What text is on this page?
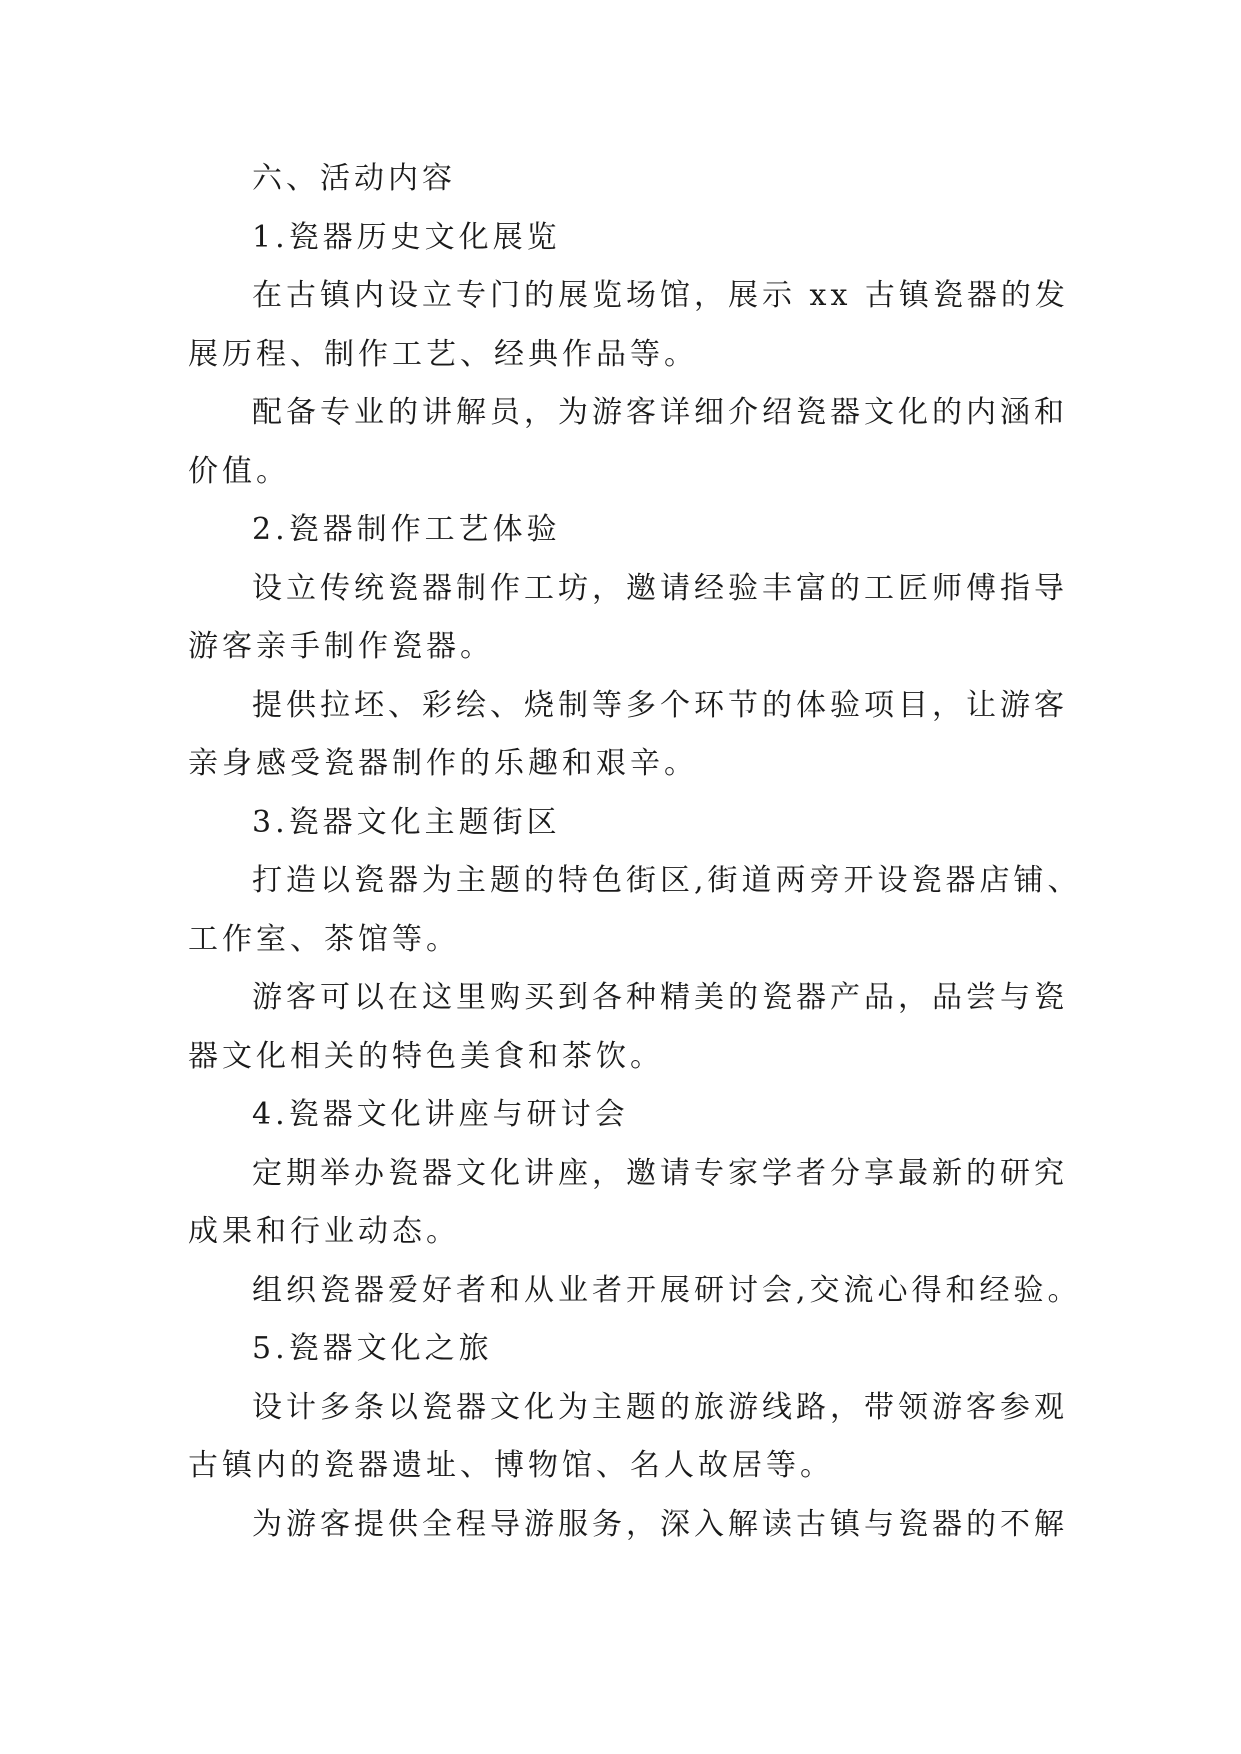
六、活动内容
1.瓷器历史文化展览
在古镇内设立专门的展览场馆，展示 xx 古镇瓷器的发
展历程、制作工艺、经典作品等。
配备专业的讲解员，为游客详细介绍瓷器文化的内涵和
价值。
2.瓷器制作工艺体验
设立传统瓷器制作工坊，邀请经验丰富的工匠师傅指导
游客亲手制作瓷器。
提供拉坯、彩绘、烧制等多个环节的体验项目，让游客
亲身感受瓷器制作的乐趣和艰辛。
3.瓷器文化主题街区
打造以瓷器为主题的特色街区,街道两旁开设瓷器店铺、
工作室、茶馆等。
游客可以在这里购买到各种精美的瓷器产品，品尝与瓷
器文化相关的特色美食和茶饮。
4.瓷器文化讲座与研讨会
定期举办瓷器文化讲座，邀请专家学者分享最新的研究
成果和行业动态。
组织瓷器爱好者和从业者开展研讨会,交流心得和经验。
5.瓷器文化之旅
设计多条以瓷器文化为主题的旅游线路，带领游客参观
古镇内的瓷器遗址、博物馆、名人故居等。
为游客提供全程导游服务，深入解读古镇与瓷器的不解
